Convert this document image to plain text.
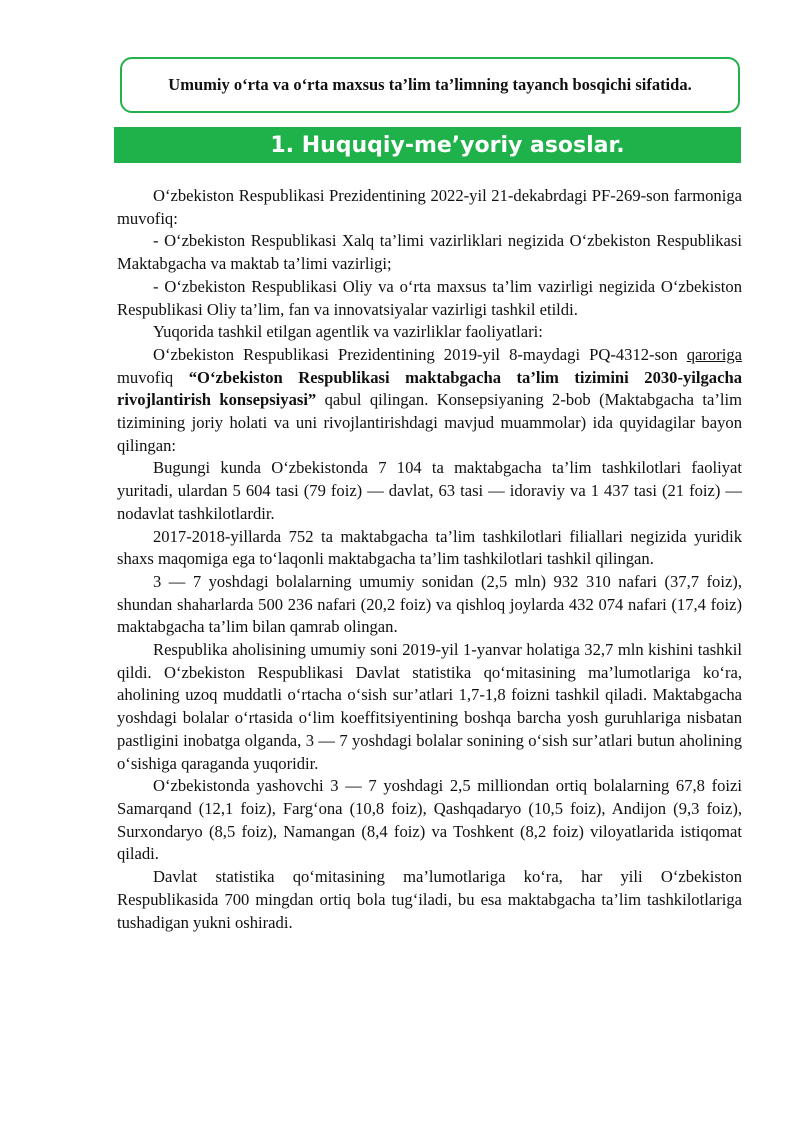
Umumiy o‘rta va o‘rta maxsus ta’lim ta’limning tayanch bosqichi sifatida.
1. Huquqiy-me’yoriy asoslar.

O‘zbekiston Respublikasi Prezidentining 2022-yil 21-dekabrdagi PF-269-son farmoniga muvofiq:

- O‘zbekiston Respublikasi Xalq ta’limi vazirliklari negizida O‘zbekiston Respublikasi Maktabgacha va maktab ta’limi vazirligi;

- O‘zbekiston Respublikasi Oliy va o‘rta maxsus ta’lim vazirligi negizida O‘zbekiston Respublikasi Oliy ta’lim, fan va innovatsiyalar vazirligi tashkil etildi.

Yuqorida tashkil etilgan agentlik va vazirliklar faoliyatlari:

O‘zbekiston Respublikasi Prezidentining 2019-yil 8-maydagi PQ-4312-son qaroriga muvofiq “O‘zbekiston Respublikasi maktabgacha ta’lim tizimini 2030-yilgacha rivojlantirish konsepsiyasi” qabul qilingan. Konsepsiyaning 2-bob (Maktabgacha ta’lim tizimining joriy holati va uni rivojlantirishdagi mavjud muammolar) ida quyidagilar bayon qilingan:

Bugungi kunda O‘zbekistonda 7 104 ta maktabgacha ta’lim tashkilotlari faoliyat yuritadi, ulardan 5 604 tasi (79 foiz) — davlat, 63 tasi — idoraviy va 1 437 tasi (21 foiz) — nodavlat tashkilotlardir.

2017-2018-yillarda 752 ta maktabgacha ta’lim tashkilotlari filiallari negizida yuridik shaxs maqomiga ega to‘laqonli maktabgacha ta’lim tashkilotlari tashkil qilingan.

3 — 7 yoshdagi bolalarning umumiy sonidan (2,5 mln) 932 310 nafari (37,7 foiz), shundan shaharlarda 500 236 nafari (20,2 foiz) va qishloq joylarda 432 074 nafari (17,4 foiz) maktabgacha ta’lim bilan qamrab olingan.

Respublika aholisining umumiy soni 2019-yil 1-yanvar holatiga 32,7 mln kishini tashkil qildi. O‘zbekiston Respublikasi Davlat statistika qo‘mitasining ma’lumotlariga ko‘ra, aholining uzoq muddatli o‘rtacha o‘sish sur’atlari 1,7-1,8 foizni tashkil qiladi. Maktabgacha yoshdagi bolalar o‘rtasida o‘lim koeffitsiyentining boshqa barcha yosh guruhlariga nisbatan pastligini inobatga olganda, 3 — 7 yoshdagi bolalar sonining o‘sish sur’atlari butun aholining o‘sishiga qaraganda yuqoridir.

O‘zbekistonda yashovchi 3 — 7 yoshdagi 2,5 milliondan ortiq bolalarning 67,8 foizi Samarqand (12,1 foiz), Farg‘ona (10,8 foiz), Qashqadaryo (10,5 foiz), Andijon (9,3 foiz), Surxondaryo (8,5 foiz), Namangan (8,4 foiz) va Toshkent (8,2 foiz) viloyatlarida istiqomat qiladi.

Davlat statistika qo‘mitasining ma’lumotlariga ko‘ra, har yili O‘zbekiston Respublikasida 700 mingdan ortiq bola tug‘iladi, bu esa maktabgacha ta’lim tashkilotlariga tushadigan yukni oshiradi.
